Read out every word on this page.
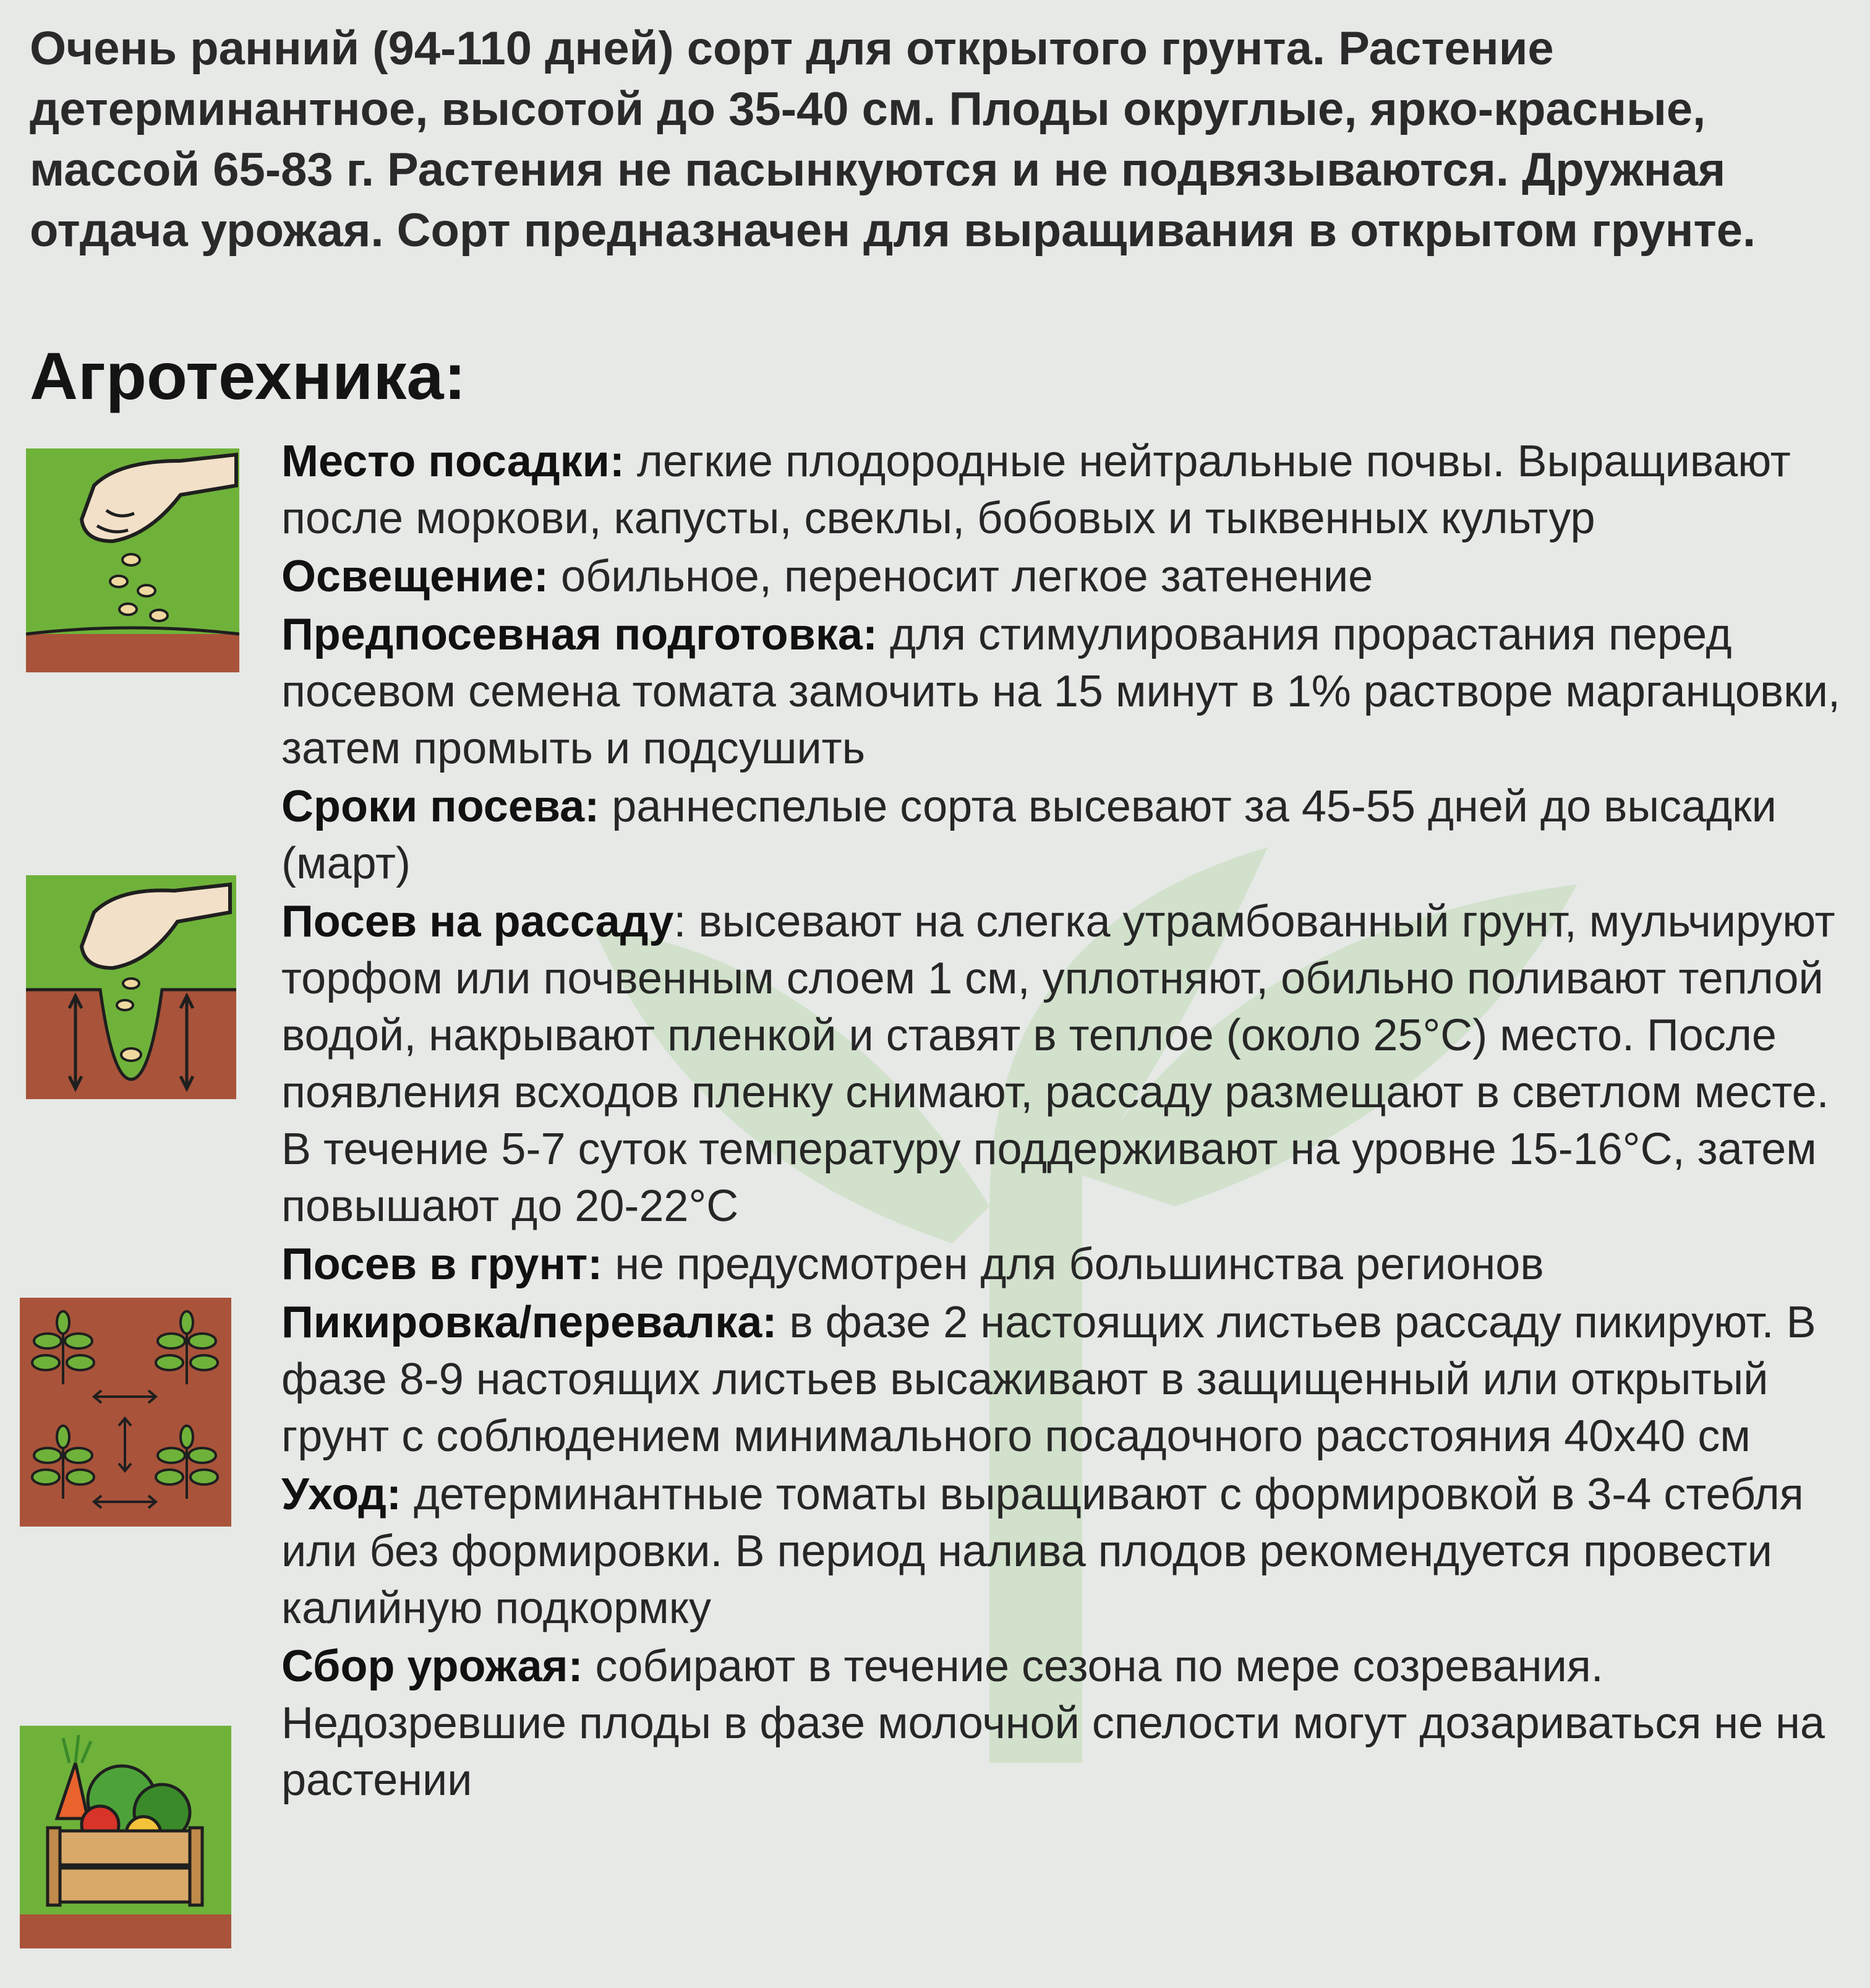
Очень ранний (94-110 дней) сорт для открытого грунта. Растение детерминантное, высотой до 35-40 см. Плоды округлые, ярко-красные, массой 65-83 г. Растения не пасынкуются и не подвязываются. Дружная отдача урожая. Сорт предназначен для выращивания в открытом грунте.
Агротехника:
Место посадки: легкие плодородные нейтральные почвы. Выращивают после моркови, капусты, свеклы, бобовых и тыквенных культур
Освещение: обильное, переносит легкое затенение
Предпосевная подготовка: для стимулирования прорастания перед посевом семена томата замочить на 15 минут в 1% растворе марганцовки, затем промыть и подсушить
Сроки посева: раннеспелые сорта высевают за 45-55 дней до высадки (март)
Посев на рассаду: высевают на слегка утрамбованный грунт, мульчируют торфом или почвенным слоем 1 см, уплотняют, обильно поливают теплой водой, накрывают пленкой и ставят в теплое (около 25°С) место. После появления всходов пленку снимают, рассаду размещают в светлом месте. В течение 5-7 суток температуру поддерживают на уровне 15-16°С, затем повышают до 20-22°С
Посев в грунт: не предусмотрен для большинства регионов
Пикировка/перевалка: в фазе 2 настоящих листьев рассаду пикируют. В фазе 8-9 настоящих листьев высаживают в защищенный или открытый грунт с соблюдением минимального посадочного расстояния 40х40 см
Уход: детерминантные томаты выращивают с формировкой в 3-4 стебля или без формировки. В период налива плодов рекомендуется провести калийную подкормку
Сбор урожая: собирают в течение сезона по мере созревания. Недозревшие плоды в фазе молочной спелости могут дозариваться не на растении
